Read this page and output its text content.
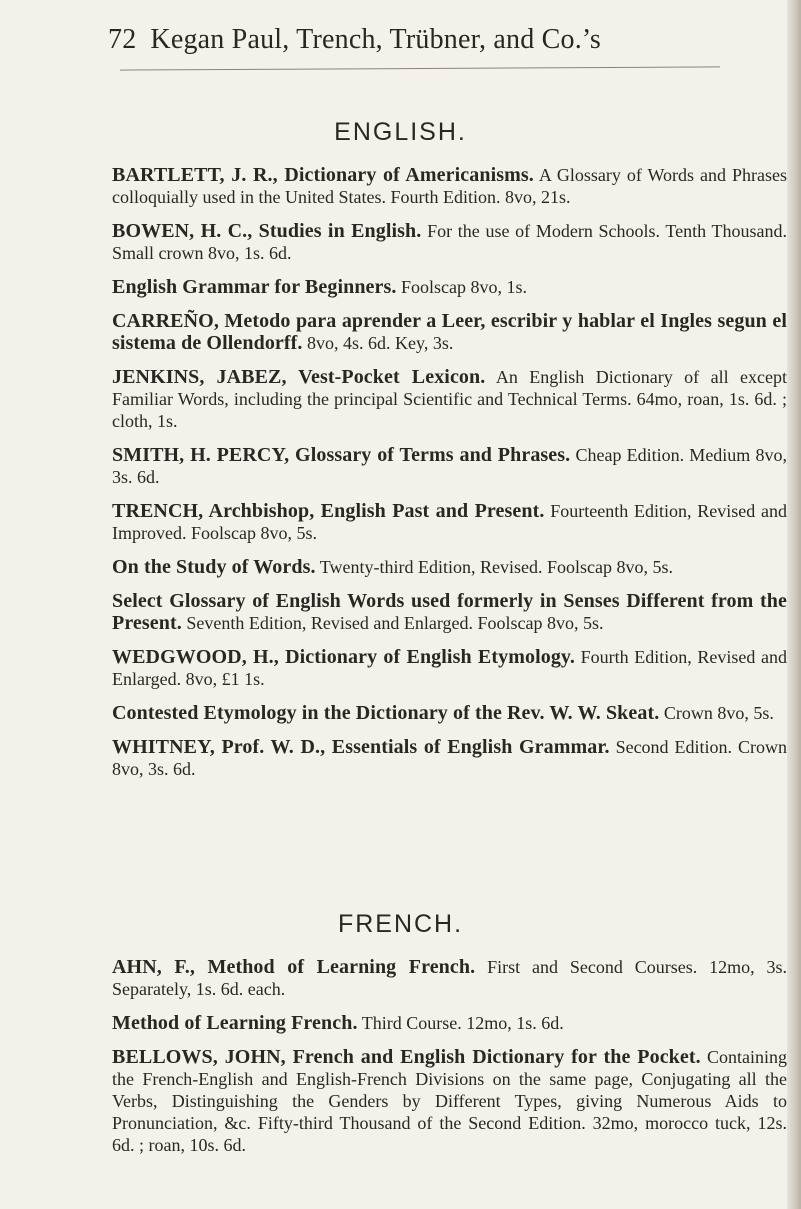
72 Kegan Paul, Trench, Trübner, and Co.’s
ENGLISH.

BARTLETT, J. R., Dictionary of Americanisms. A Glossary of Words and Phrases colloquially used in the United States. Fourth Edition. 8vo, 21s.

BOWEN, H. C., Studies in English. For the use of Modern Schools. Tenth Thousand. Small crown 8vo, 1s. 6d.

English Grammar for Beginners. Foolscap 8vo, 1s.

CARREÑO, Metodo para aprender a Leer, escribir y hablar el Ingles segun el sistema de Ollendorff. 8vo, 4s. 6d. Key, 3s.

JENKINS, JABEZ, Vest-Pocket Lexicon. An English Dictionary of all except Familiar Words, including the principal Scientific and Technical Terms. 64mo, roan, 1s. 6d. ; cloth, 1s.

SMITH, H. PERCY, Glossary of Terms and Phrases. Cheap Edition. Medium 8vo, 3s. 6d.

TRENCH, Archbishop, English Past and Present. Fourteenth Edition, Revised and Improved. Foolscap 8vo, 5s.

On the Study of Words. Twenty-third Edition, Revised. Foolscap 8vo, 5s.

Select Glossary of English Words used formerly in Senses Different from the Present. Seventh Edition, Revised and Enlarged. Foolscap 8vo, 5s.

WEDGWOOD, H., Dictionary of English Etymology. Fourth Edition, Revised and Enlarged. 8vo, £1 1s.

Contested Etymology in the Dictionary of the Rev. W. W. Skeat. Crown 8vo, 5s.

WHITNEY, Prof. W. D., Essentials of English Grammar. Second Edition. Crown 8vo, 3s. 6d.

FRENCH.

AHN, F., Method of Learning French. First and Second Courses. 12mo, 3s. Separately, 1s. 6d. each.

Method of Learning French. Third Course. 12mo, 1s. 6d.

BELLOWS, JOHN, French and English Dictionary for the Pocket. Containing the French-English and English-French Divisions on the same page, Conjugating all the Verbs, Distinguishing the Genders by Different Types, giving Numerous Aids to Pronunciation, &c. Fifty-third Thousand of the Second Edition. 32mo, morocco tuck, 12s. 6d. ; roan, 10s. 6d.
